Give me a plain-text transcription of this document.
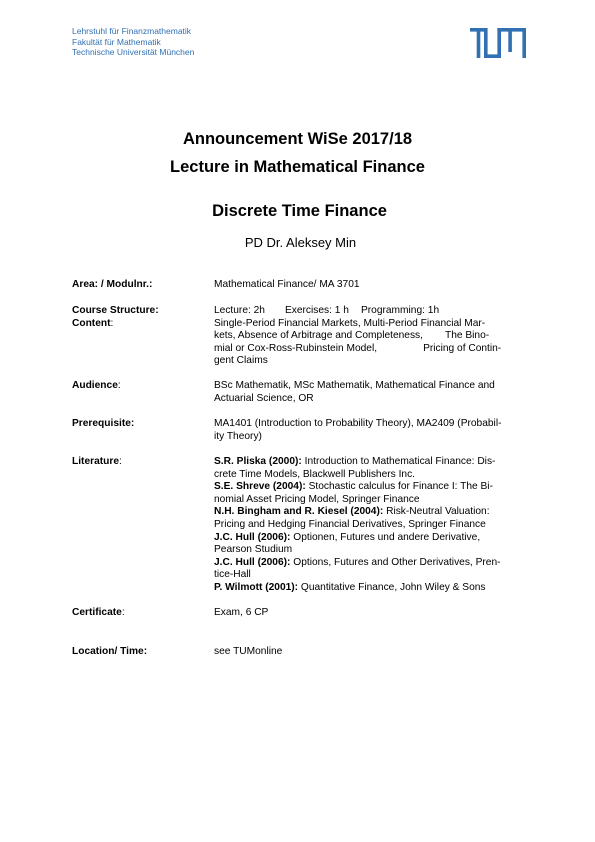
Lehrstuhl für Finanzmathematik
Fakultät für Mathematik
Technische Universität München
Announcement WiSe 2017/18
Lecture in Mathematical Finance
Discrete Time Finance
PD Dr. Aleksey Min
Area: / Modulnr.:	Mathematical Finance/ MA 3701
Course Structure:	Lecture: 2h Exercises: 1 h Programming: 1h
Content:	Single-Period Financial Markets, Multi-Period Financial Mar-
kets, Absence of Arbitrage and Completeness, The Bino-
mial or Cox-Ross-Rubinstein Model,	Pricing of Contin-
gent Claims
Audience:	BSc Mathematik, MSc Mathematik, Mathematical Finance and
Actuarial Science, OR
Prerequisite:	MA1401 (Introduction to Probability Theory), MA2409 (Probabil-
ity Theory)
Literature:	S.R. Pliska (2000): Introduction to Mathematical Finance: Dis-
crete Time Models, Blackwell Publishers Inc.
S.E. Shreve (2004): Stochastic calculus for Finance I: The Bi-
nomial Asset Pricing Model, Springer Finance
N.H. Bingham and R. Kiesel (2004): Risk-Neutral Valuation:
Pricing and Hedging Financial Derivatives, Springer Finance
J.C. Hull (2006): Optionen, Futures und andere Derivative,
Pearson Studium
J.C. Hull (2006): Options, Futures and Other Derivatives, Pren-
tice-Hall
P. Wilmott (2001): Quantitative Finance, John Wiley & Sons
Certificate:	Exam, 6 CP
Location/ Time:	see TUMonline
